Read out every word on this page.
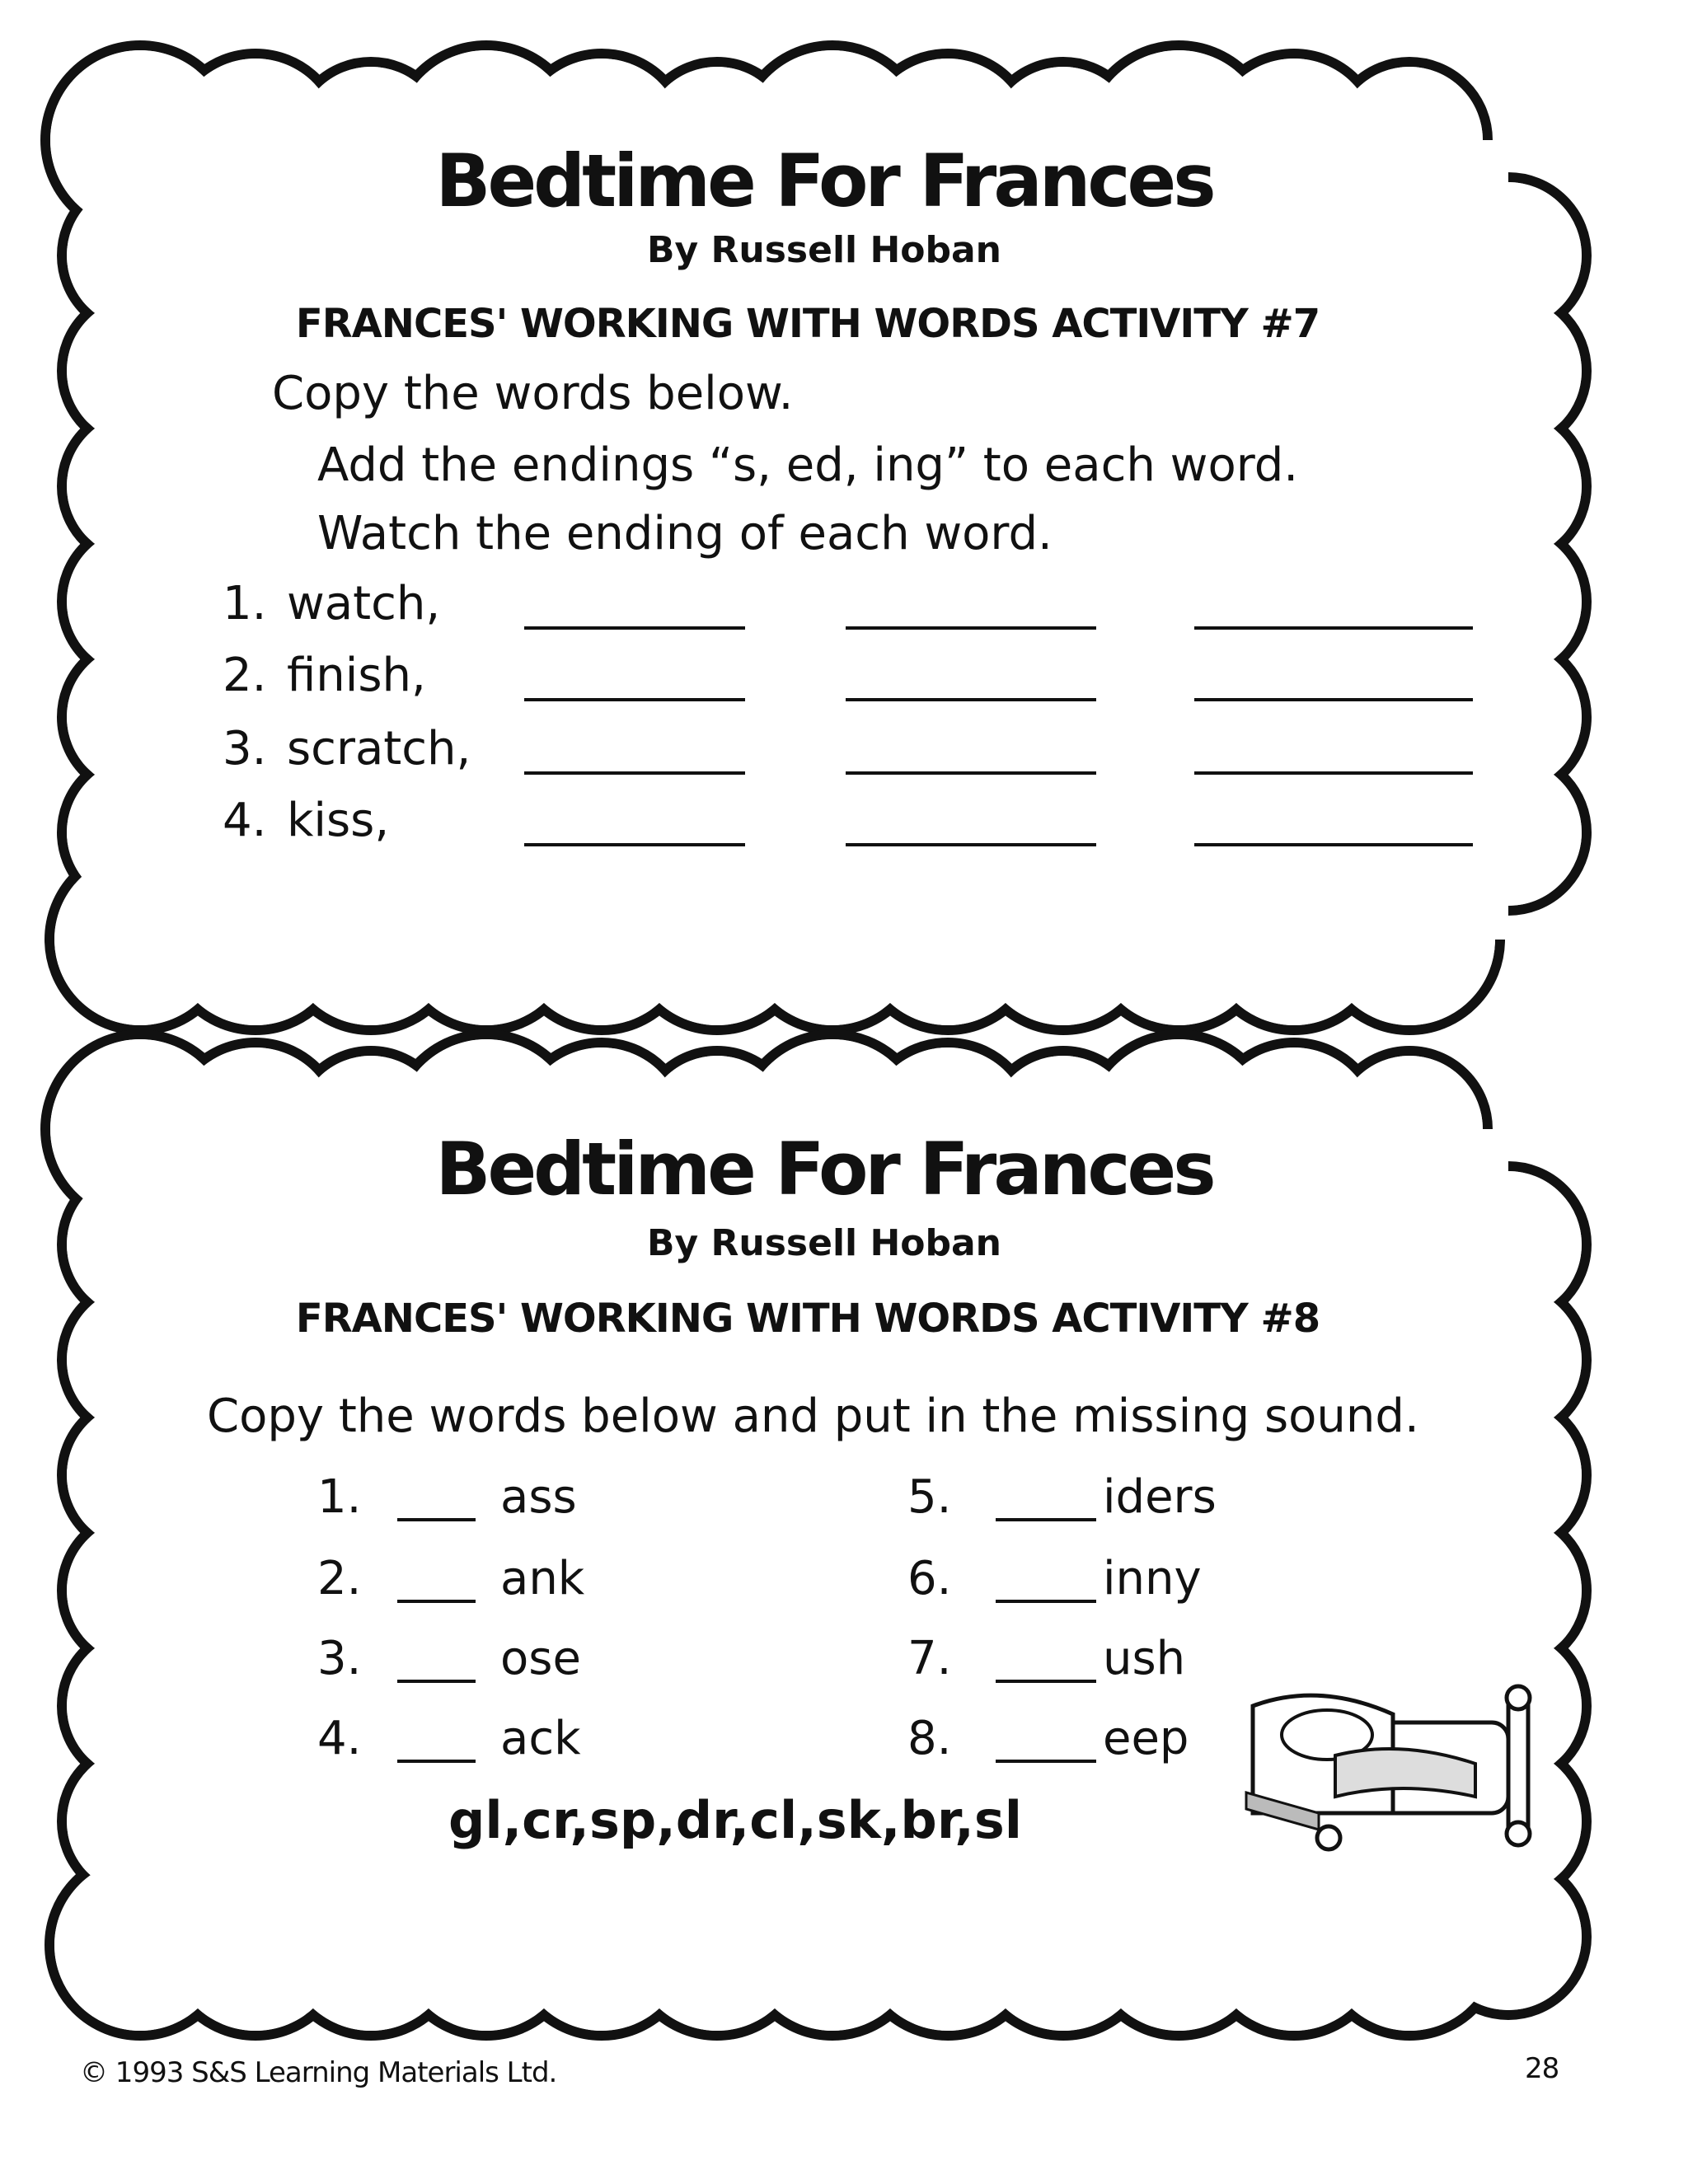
Bedtime For Frances
By Russell Hoban
FRANCES' WORKING WITH WORDS ACTIVITY #7
Copy the words below.
Add the endings “s, ed, ing” to each word.
Watch the ending of each word.
1. watch,
2. finish,
3. scratch,
4. kiss,
Bedtime For Frances
By Russell Hoban
FRANCES' WORKING WITH WORDS ACTIVITY #8
Copy the words below and put in the missing sound.
1.	ass
2.	ank
3.	ose
4.	ack
5.	iders
6.	inny
7.	ush
8.	eep
gl,cr,sp,dr,cl,sk,br,sl
© 1993 S&S Learning Materials Ltd.	28
